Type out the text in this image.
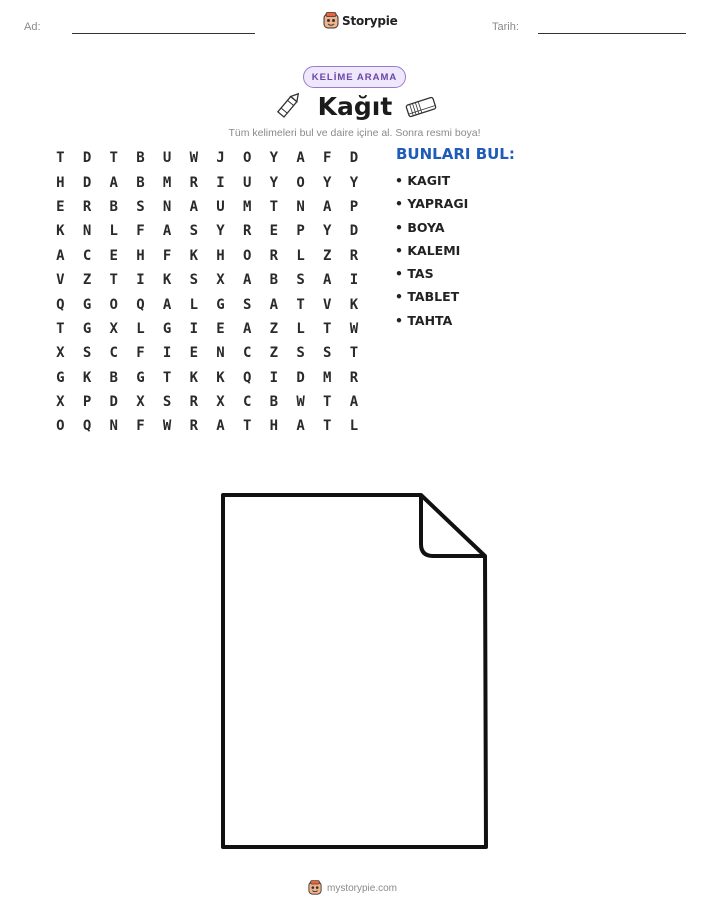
Ad:	Storypie	Tarih:
KELİME ARAMA
Kağıt
Tüm kelimeleri bul ve daire içine al. Sonra resmi boya!
T	D	T	B	U	W	J	O	Y	A	F	D
H	D	A	B	M	R	I	U	Y	O	Y	Y
E	R	B	S	N	A	U	M	T	N	A	P
K	N	L	F	A	S	Y	R	E	P	Y	D
A	C	E	H	F	K	H	O	R	L	Z	R
V	Z	T	I	K	S	X	A	B	S	A	I
Q	G	O	Q	A	L	G	S	A	T	V	K
T	G	X	L	G	I	E	A	Z	L	T	W
X	S	C	F	I	E	N	C	Z	S	S	T
G	K	B	G	T	K	K	Q	I	D	M	R
X	P	D	X	S	R	X	C	B	W	T	A
O	Q	N	F	W	R	A	T	H	A	T	L
BUNLARI BUL:
• KAGIT
• YAPRAGI
• BOYA
• KALEMI
• TAS
• TABLET
• TAHTA
mystorypie.com
